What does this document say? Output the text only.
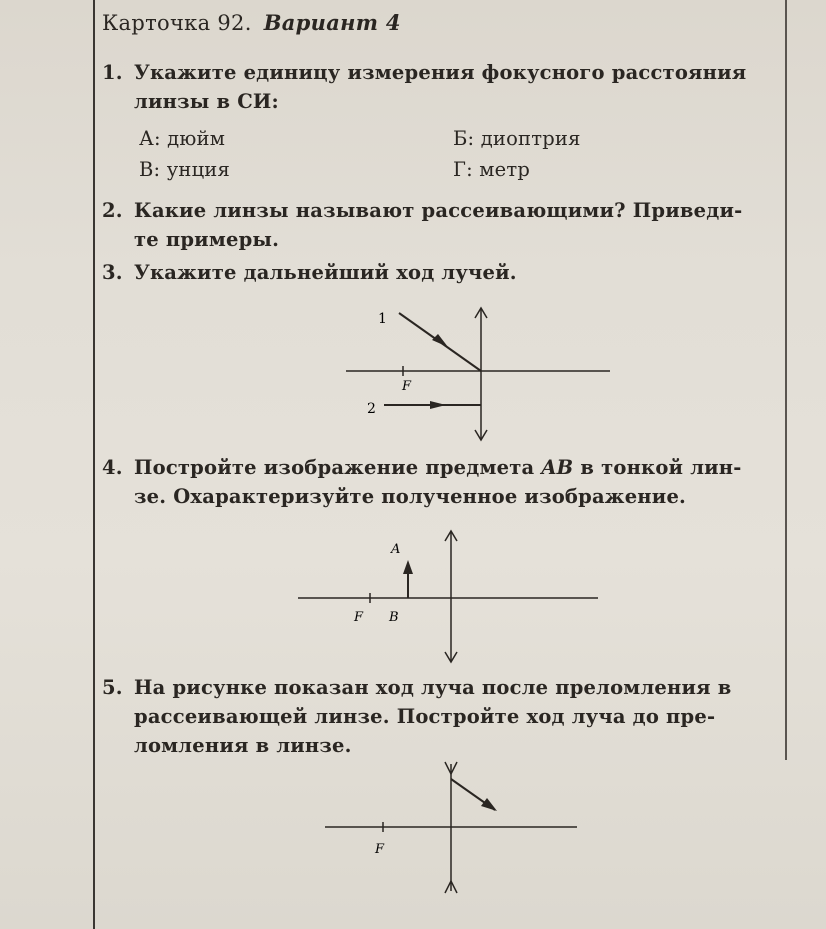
Карточка 92. Вариант 4
1. Укажите единицу измерения фокусного расстояния
линзы в СИ:
А: дюйм	Б: диоптрия
В: унция	Г: метр
2. Какие линзы называют рассеивающими? Приведи-
те примеры.
3. Укажите дальнейший ход лучей.
F
1
2
4. Постройте изображение предмета AB в тонкой лин-
зе. Охарактеризуйте полученное изображение.
F
A
B
5. На рисунке показан ход луча после преломления в
рассеивающей линзе. Постройте ход луча до пре-
ломления в линзе.
F
